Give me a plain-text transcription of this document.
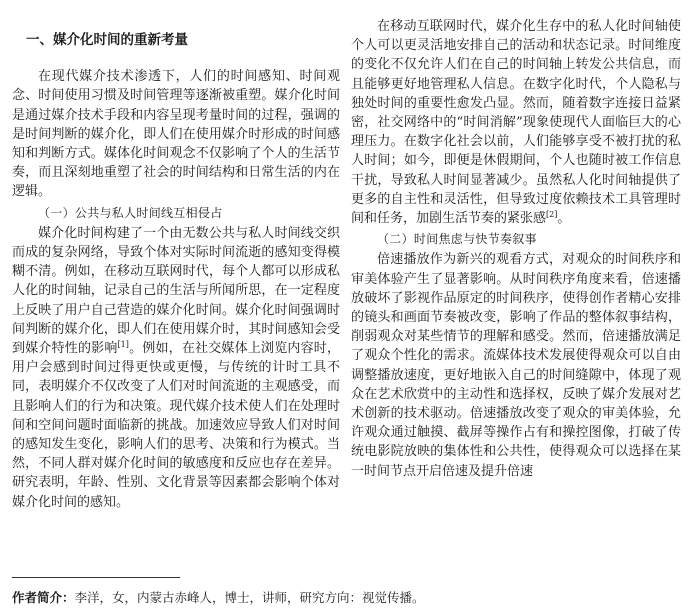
一、媒介化时间的重新考量

在现代媒介技术渗透下，人们的时间感知、时间观念、时间使用习惯及时间管理等逐渐被重塑。媒介化时间是通过媒介技术手段和内容呈现考量时间的过程，强调的是时间判断的媒介化，即人们在使用媒介时形成的时间感知和判断方式。媒体化时间观念不仅影响了个人的生活节奏，而且深刻地重塑了社会的时间结构和日常生活的内在逻辑。

（一）公共与私人时间线互相侵占

媒介化时间构建了一个由无数公共与私人时间线交织而成的复杂网络，导致个体对实际时间流逝的感知变得模糊不清。例如，在移动互联网时代，每个人都可以形成私人化的时间轴，记录自己的生活与所闻所思，在一定程度上反映了用户自己营造的媒介化时间。媒介化时间强调时间判断的媒介化，即人们在使用媒介时，其时间感知会受到媒介特性的影响[1]。例如，在社交媒体上浏览内容时，用户会感到时间过得更快或更慢，与传统的计时工具不同，表明媒介不仅改变了人们对时间流逝的主观感受，而且影响人们的行为和决策。现代媒介技术使人们在处理时间和空间问题时面临新的挑战。加速效应导致人们对时间的感知发生变化，影响人们的思考、决策和行为模式。当然，不同人群对媒介化时间的敏感度和反应也存在差异。研究表明，年龄、性别、文化背景等因素都会影响个体对媒介化时间的感知。

在移动互联网时代，媒介化生存中的私人化时间轴使个人可以更灵活地安排自己的活动和状态记录。时间维度的变化不仅允许人们在自己的时间轴上转发公共信息，而且能够更好地管理私人信息。在数字化时代，个人隐私与独处时间的重要性愈发凸显。然而，随着数字连接日益紧密，社交网络中的“时间消解”现象使现代人面临巨大的心理压力。在数字化社会以前，人们能够享受不被打扰的私人时间；如今，即便是休假期间，个人也随时被工作信息干扰，导致私人时间显著减少。虽然私人化时间轴提供了更多的自主性和灵活性，但导致过度依赖技术工具管理时间和任务，加剧生活节奏的紧张感[2]。

（二）时间焦虑与快节奏叙事

倍速播放作为新兴的观看方式，对观众的时间秩序和审美体验产生了显著影响。从时间秩序角度来看，倍速播放破坏了影视作品原定的时间秩序，使得创作者精心安排的镜头和画面节奏被改变，影响了作品的整体叙事结构，削弱观众对某些情节的理解和感受。然而，倍速播放满足了观众个性化的需求。流媒体技术发展使得观众可以自由调整播放速度，更好地嵌入自己的时间缝隙中，体现了观众在艺术欣赏中的主动性和选择权，反映了媒介发展对艺术创新的技术驱动。倍速播放改变了观众的审美体验，允许观众通过触摸、截屏等操作占有和操控图像，打破了传统电影院放映的集体性和公共性，使得观众可以选择在某一时间节点开启倍速及提升倍速

作者简介：李洋，女，内蒙古赤峰人，博士，讲师，研究方向：视觉传播。
